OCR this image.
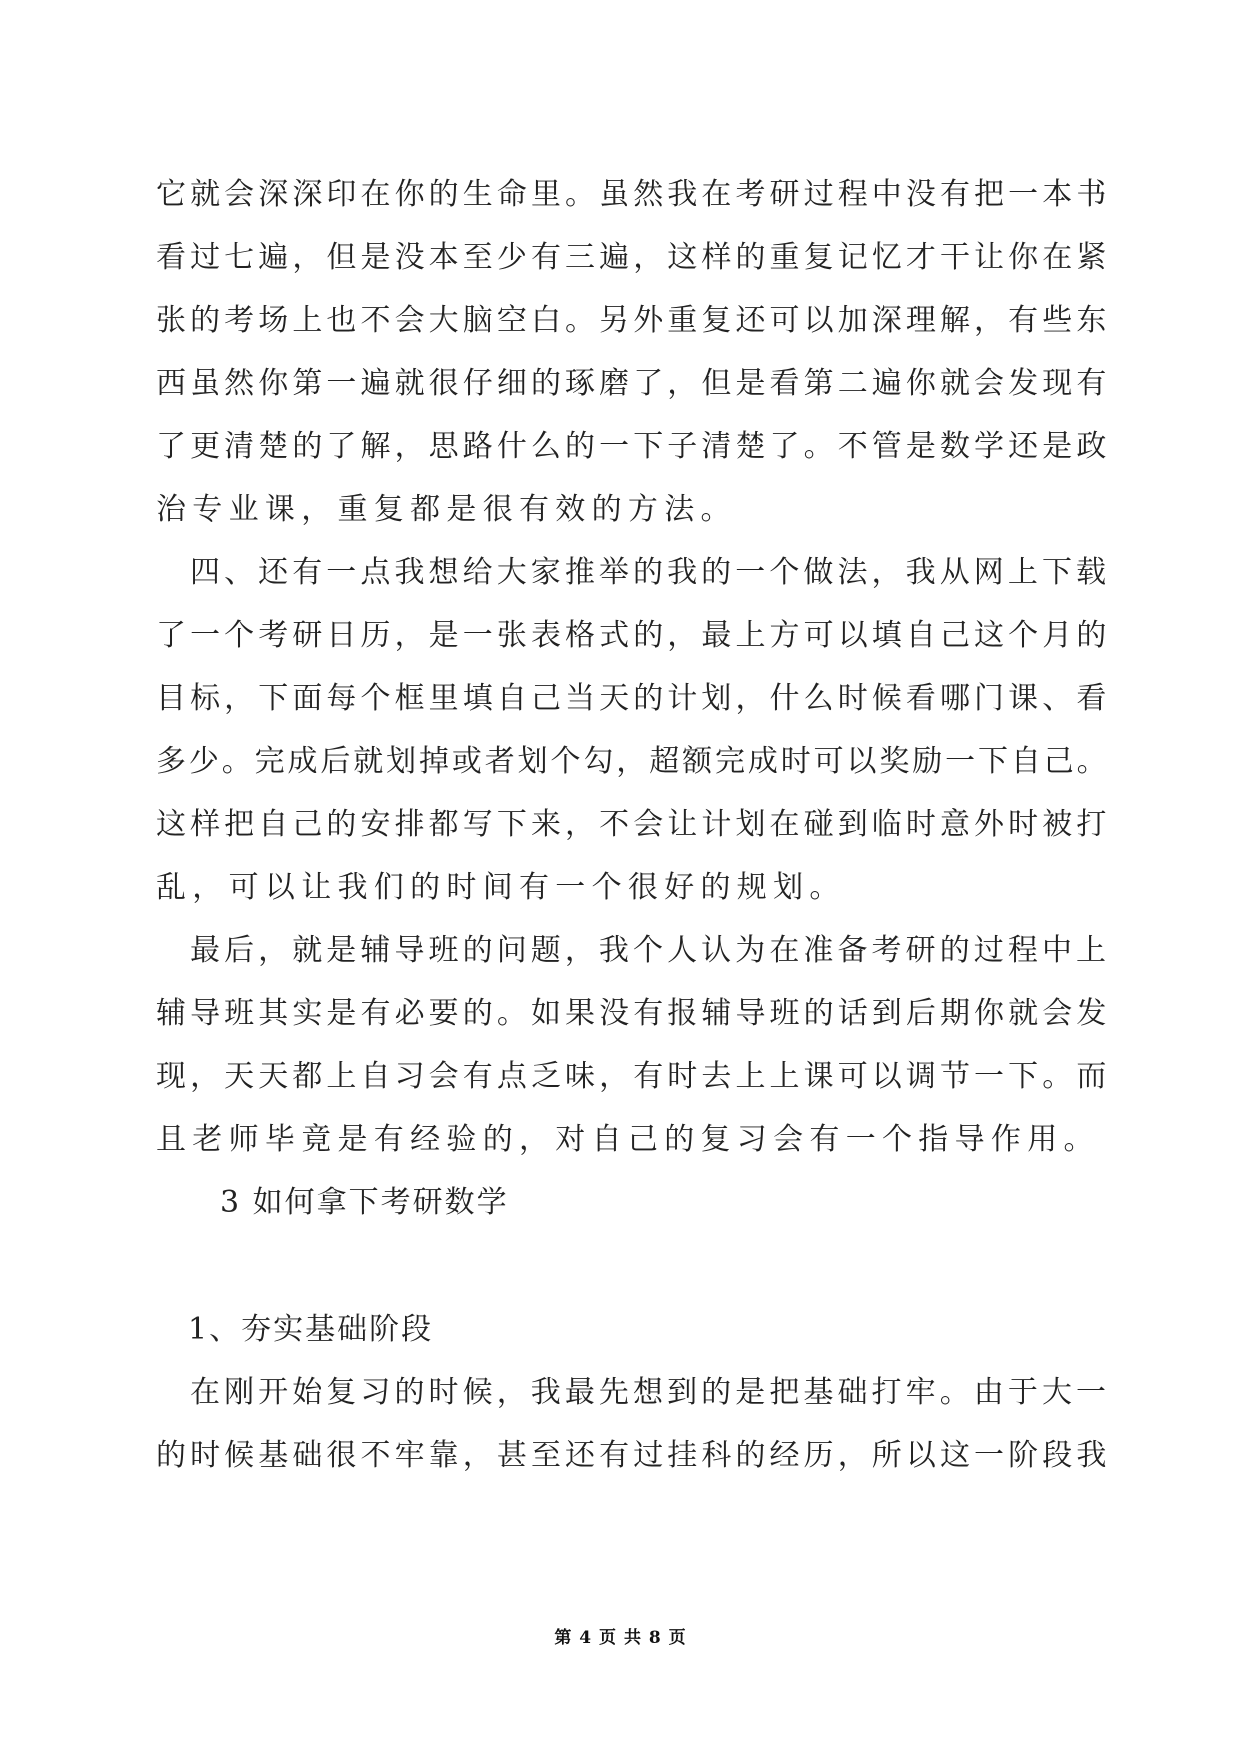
它就会深深印在你的生命里。虽然我在考研过程中没有把一本书
看过七遍，但是没本至少有三遍，这样的重复记忆才干让你在紧
张的考场上也不会大脑空白。另外重复还可以加深理解，有些东
西虽然你第一遍就很仔细的琢磨了，但是看第二遍你就会发现有
了更清楚的了解，思路什么的一下子清楚了。不管是数学还是政
治专业课，重复都是很有效的方法。
四、还有一点我想给大家推举的我的一个做法，我从网上下载
了一个考研日历，是一张表格式的，最上方可以填自己这个月的
目标，下面每个框里填自己当天的计划，什么时候看哪门课、看
多少。完成后就划掉或者划个勾，超额完成时可以奖励一下自己。
这样把自己的安排都写下来，不会让计划在碰到临时意外时被打
乱，可以让我们的时间有一个很好的规划。
最后，就是辅导班的问题，我个人认为在准备考研的过程中上
辅导班其实是有必要的。如果没有报辅导班的话到后期你就会发
现，天天都上自习会有点乏味，有时去上上课可以调节一下。而
且老师毕竟是有经验的，对自己的复习会有一个指导作用。
3 如何拿下考研数学
1、夯实基础阶段
在刚开始复习的时候，我最先想到的是把基础打牢。由于大一
的时候基础很不牢靠，甚至还有过挂科的经历，所以这一阶段我
第 4 页 共 8 页
